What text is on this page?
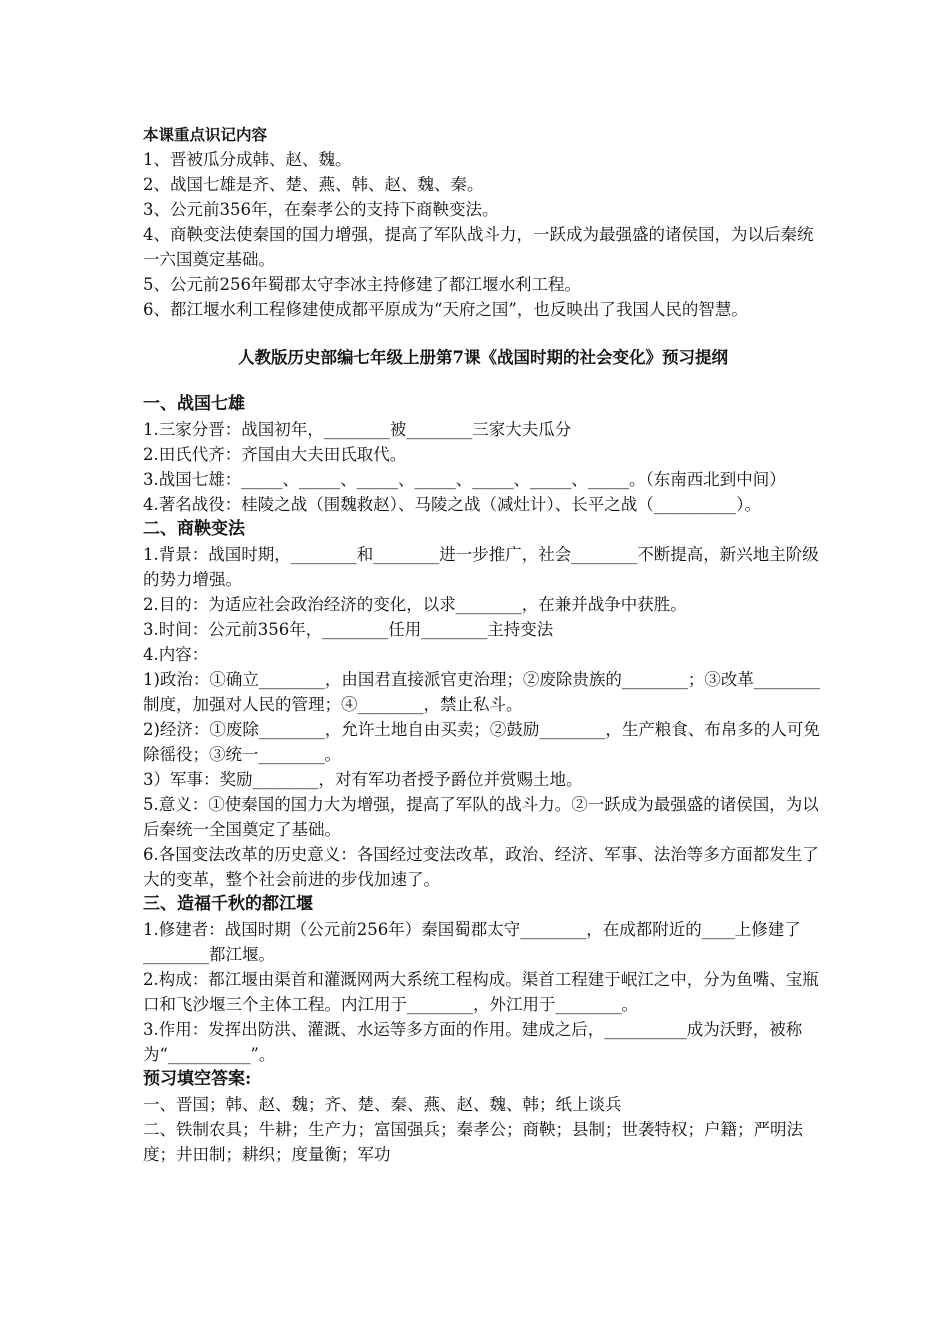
本课重点识记内容
1、晋被瓜分成韩、赵、魏。
2、战国七雄是齐、楚、燕、韩、赵、魏、秦。
3、公元前356年，在秦孝公的支持下商鞅变法。
4、商鞅变法使秦国的国力增强，提高了军队战斗力，一跃成为最强盛的诸侯国，为以后秦统一六国奠定基础。
5、公元前256年蜀郡太守李冰主持修建了都江堰水利工程。
6、都江堰水利工程修建使成都平原成为“天府之国”，也反映出了我国人民的智慧。
人教版历史部编七年级上册第7课《战国时期的社会变化》预习提纲
一、战国七雄
1.三家分晋：战国初年，________被________三家大夫瓜分
2.田氏代齐：齐国由大夫田氏取代。
3.战国七雄：_____、_____、_____、_____、_____、_____、_____。（东南西北到中间）
4.著名战役：桂陵之战（围魏救赵）、马陵之战（减灶计）、长平之战（__________）。
二、商鞅变法
1.背景：战国时期，________和________进一步推广，社会________不断提高，新兴地主阶级的势力增强。
2.目的：为适应社会政治经济的变化，以求________，在兼并战争中获胜。
3.时间：公元前356年，________任用________主持变法
4.内容：
1)政治：①确立________，由国君直接派官吏治理；②废除贵族的________；③改革________制度，加强对人民的管理；④________，禁止私斗。
2)经济：①废除________，允许土地自由买卖；②鼓励________，生产粮食、布帛多的人可免除徭役；③统一________。
3）军事：奖励________，对有军功者授予爵位并赏赐土地。
5.意义：①使秦国的国力大为增强，提高了军队的战斗力。②一跃成为最强盛的诸侯国，为以后秦统一全国奠定了基础。
6.各国变法改革的历史意义：各国经过变法改革，政治、经济、军事、法治等多方面都发生了大的变革，整个社会前进的步伐加速了。
三、造福千秋的都江堰
1.修建者：战国时期（公元前256年）秦国蜀郡太守________，在成都附近的____上修建了________都江堰。
2.构成：都江堰由渠首和灌溉网两大系统工程构成。渠首工程建于岷江之中，分为鱼嘴、宝瓶口和飞沙堰三个主体工程。内江用于________，外江用于________。
3.作用：发挥出防洪、灌溉、水运等多方面的作用。建成之后，__________成为沃野，被称为“__________”。
预习填空答案:
一、晋国；韩、赵、魏；齐、楚、秦、燕、赵、魏、韩；纸上谈兵
二、铁制农具；牛耕；生产力；富国强兵；秦孝公；商鞅；县制；世袭特权；户籍；严明法度；井田制；耕织；度量衡；军功
